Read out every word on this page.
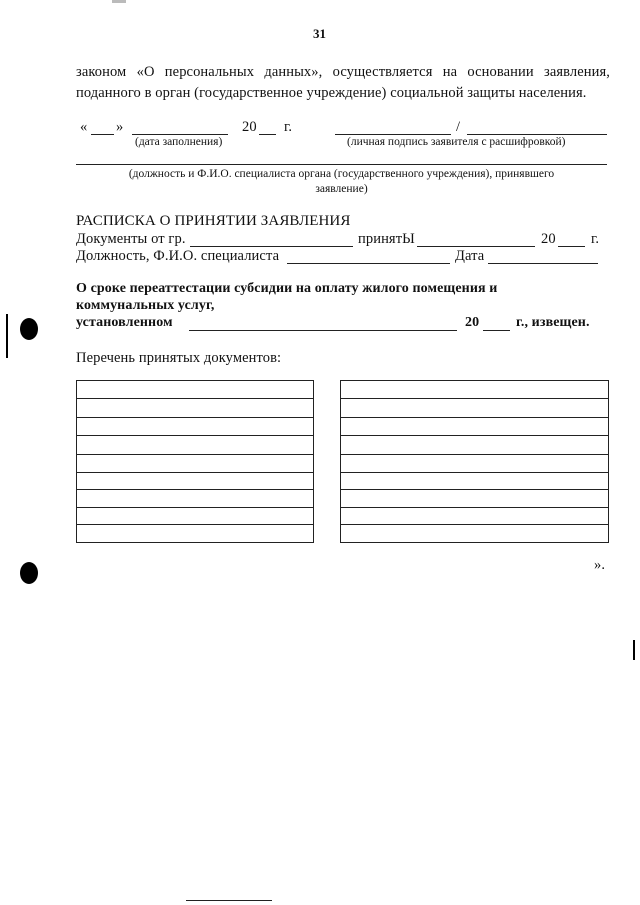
31
законом «О персональных данных», осуществляется на основании заявления,
поданного в орган (государственное учреждение) социальной защиты населения.
« »	20 г.	/
(дата заполнения)	(личная подпись заявителя с расшифровкой)
(должность и Ф.И.О. специалиста органа (государственного учреждения), принявшего
заявление)
РАСПИСКА О ПРИНЯТИИ ЗАЯВЛЕНИЯ
Документы от гр.	принятЫ	20 г.
Должность, Ф.И.О. специалиста	Дата
О сроке переаттестации субсидии на оплату жилого помещения и
коммунальных услуг,
установленном	20	г., извещен.
Перечень принятых документов:
».
